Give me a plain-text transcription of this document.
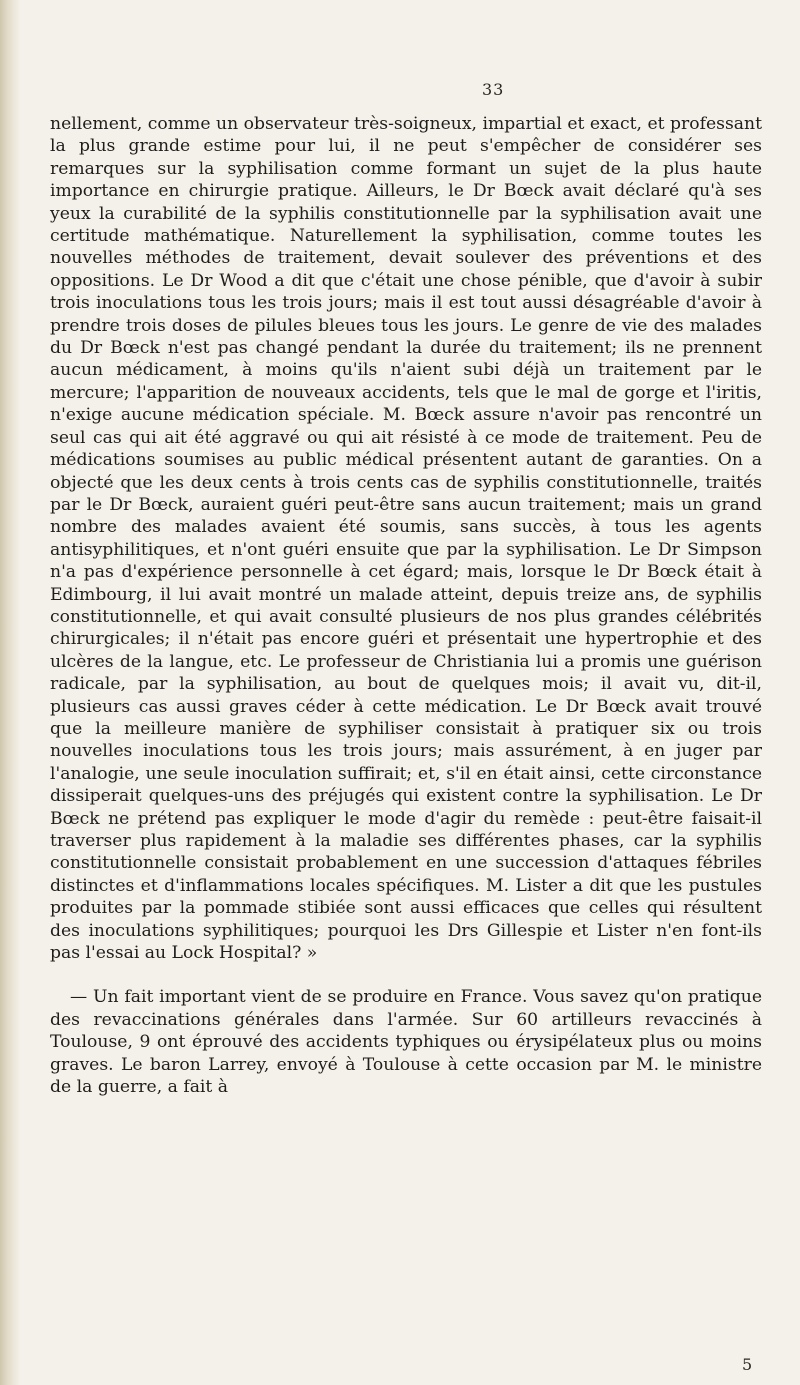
33

nellement, comme un observateur très-soigneux, impartial et exact, et professant la plus grande estime pour lui, il ne peut s'empêcher de considérer ses remarques sur la syphilisation comme formant un sujet de la plus haute importance en chirurgie pratique. Ailleurs, le Dr Bœck avait déclaré qu'à ses yeux la curabilité de la syphilis constitutionnelle par la syphilisation avait une certitude mathématique. Naturellement la syphilisation, comme toutes les nouvelles méthodes de traitement, devait soulever des préventions et des oppositions. Le Dr Wood a dit que c'était une chose pénible, que d'avoir à subir trois inoculations tous les trois jours; mais il est tout aussi désagréable d'avoir à prendre trois doses de pilules bleues tous les jours. Le genre de vie des malades du Dr Bœck n'est pas changé pendant la durée du traitement; ils ne prennent aucun médicament, à moins qu'ils n'aient subi déjà un traitement par le mercure; l'apparition de nouveaux accidents, tels que le mal de gorge et l'iritis, n'exige aucune médication spéciale. M. Bœck assure n'avoir pas rencontré un seul cas qui ait été aggravé ou qui ait résisté à ce mode de traitement. Peu de médications soumises au public médical présentent autant de garanties. On a objecté que les deux cents à trois cents cas de syphilis constitutionnelle, traités par le Dr Bœck, auraient guéri peut-être sans aucun traitement; mais un grand nombre des malades avaient été soumis, sans succès, à tous les agents antisyphilitiques, et n'ont guéri ensuite que par la syphilisation. Le Dr Simpson n'a pas d'expérience personnelle à cet égard; mais, lorsque le Dr Bœck était à Edimbourg, il lui avait montré un malade atteint, depuis treize ans, de syphilis constitutionnelle, et qui avait consulté plusieurs de nos plus grandes célébrités chirurgicales; il n'était pas encore guéri et présentait une hypertrophie et des ulcères de la langue, etc. Le professeur de Christiania lui a promis une guérison radicale, par la syphilisation, au bout de quelques mois; il avait vu, dit-il, plusieurs cas aussi graves céder à cette médication. Le Dr Bœck avait trouvé que la meilleure manière de syphiliser consistait à pratiquer six ou trois nouvelles inoculations tous les trois jours; mais assurément, à en juger par l'analogie, une seule inoculation suffirait; et, s'il en était ainsi, cette circonstance dissiperait quelques-uns des préjugés qui existent contre la syphilisation. Le Dr Bœck ne prétend pas expliquer le mode d'agir du remède : peut-être faisait-il traverser plus rapidement à la maladie ses différentes phases, car la syphilis constitutionnelle consistait probablement en une succession d'attaques fébriles distinctes et d'inflammations locales spécifiques. M. Lister a dit que les pustules produites par la pommade stibiée sont aussi efficaces que celles qui résultent des inoculations syphilitiques; pourquoi les Drs Gillespie et Lister n'en font-ils pas l'essai au Lock Hospital? »

— Un fait important vient de se produire en France. Vous savez qu'on pratique des revaccinations générales dans l'armée. Sur 60 artilleurs revaccinés à Toulouse, 9 ont éprouvé des accidents typhiques ou érysipélateux plus ou moins graves. Le baron Larrey, envoyé à Toulouse à cette occasion par M. le ministre de la guerre, a fait à

5
